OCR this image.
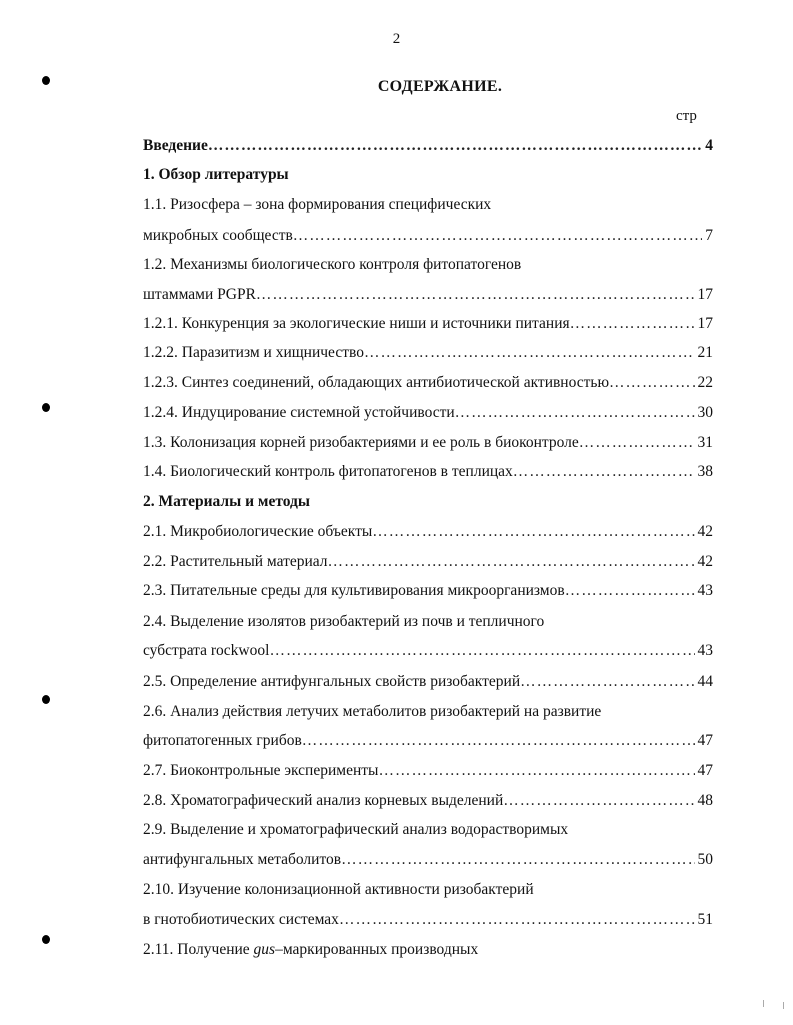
2
СОДЕРЖАНИЕ.
стр
Введение …………………………………………………………………………………………………………………………………………………	4
1. Обзор литературы
1.1. Ризосфера – зона формирования специфических
микробных сообществ …………………………………………………………………………………………………………………………………………………	7
1.2. Механизмы биологического контроля фитопатогенов
штаммами PGPR …………………………………………………………………………………………………………………………………………………	17
1.2.1. Конкуренция за экологические ниши и источники питания …………………………………………………………………………………………………………………………………………………	17
1.2.2. Паразитизм и хищничество …………………………………………………………………………………………………………………………………………………	21
1.2.3. Синтез соединений, обладающих антибиотической активностью …………………………………………………………………………………………………………………………………………………	22
1.2.4. Индуцирование системной устойчивости …………………………………………………………………………………………………………………………………………………	30
1.3. Колонизация корней ризобактериями и ее роль в биоконтроле …………………………………………………………………………………………………………………………………………………	31
1.4. Биологический контроль фитопатогенов в теплицах …………………………………………………………………………………………………………………………………………………	38
2. Материалы и методы
2.1. Микробиологические объекты …………………………………………………………………………………………………………………………………………………	42
2.2. Растительный материал …………………………………………………………………………………………………………………………………………………	42
2.3. Питательные среды для культивирования микроорганизмов …………………………………………………………………………………………………………………………………………………	43
2.4. Выделение изолятов ризобактерий из почв и тепличного
субстрата rockwool …………………………………………………………………………………………………………………………………………………	43
2.5. Определение антифунгальных свойств ризобактерий …………………………………………………………………………………………………………………………………………………	44
2.6. Анализ действия летучих метаболитов ризобактерий на развитие
фитопатогенных грибов …………………………………………………………………………………………………………………………………………………	47
2.7. Биоконтрольные эксперименты …………………………………………………………………………………………………………………………………………………	47
2.8. Хроматографический анализ корневых выделений …………………………………………………………………………………………………………………………………………………	48
2.9. Выделение и хроматографический анализ водорастворимых
антифунгальных метаболитов …………………………………………………………………………………………………………………………………………………	50
2.10. Изучение колонизационной активности ризобактерий
в гнотобиотических системах …………………………………………………………………………………………………………………………………………………	51
2.11. Получение gus–маркированных производных
